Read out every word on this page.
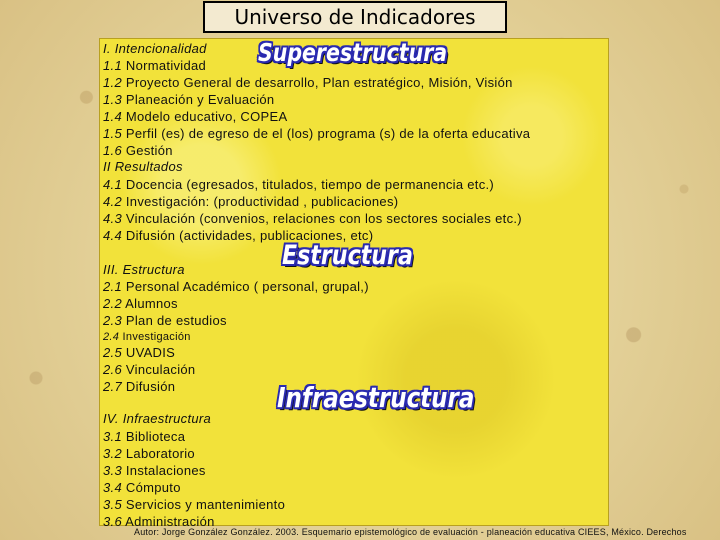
Universo de Indicadores
Superestructura
Estructura
Infraestructura
Autor: Jorge González González. 2003. Esquemario epistemológico de evaluación - planeación educativa CIEES, México. Derechos
I. Intencionalidad
1.1 Normatividad
1.2 Proyecto General de desarrollo, Plan estratégico, Misión, Visión
1.3 Planeación y Evaluación
1.4 Modelo educativo, COPEA
1.5 Perfil (es) de egreso de el (los) programa (s) de la oferta educativa
1.6 Gestión
II Resultados
4.1 Docencia (egresados, titulados, tiempo de permanencia etc.)
4.2 Investigación: (productividad , publicaciones)
4.3 Vinculación (convenios, relaciones con los sectores sociales etc.)
4.4 Difusión (actividades, publicaciones, etc)
III. Estructura
2.1 Personal Académico ( personal, grupal,)
2.2 Alumnos
2.3 Plan de estudios
2.4 Investigación
2.5 UVADIS
2.6 Vinculación
2.7 Difusión
IV. Infraestructura
3.1 Biblioteca
3.2 Laboratorio
3.3 Instalaciones
3.4 Cómputo
3.5 Servicios y mantenimiento
3.6 Administración
